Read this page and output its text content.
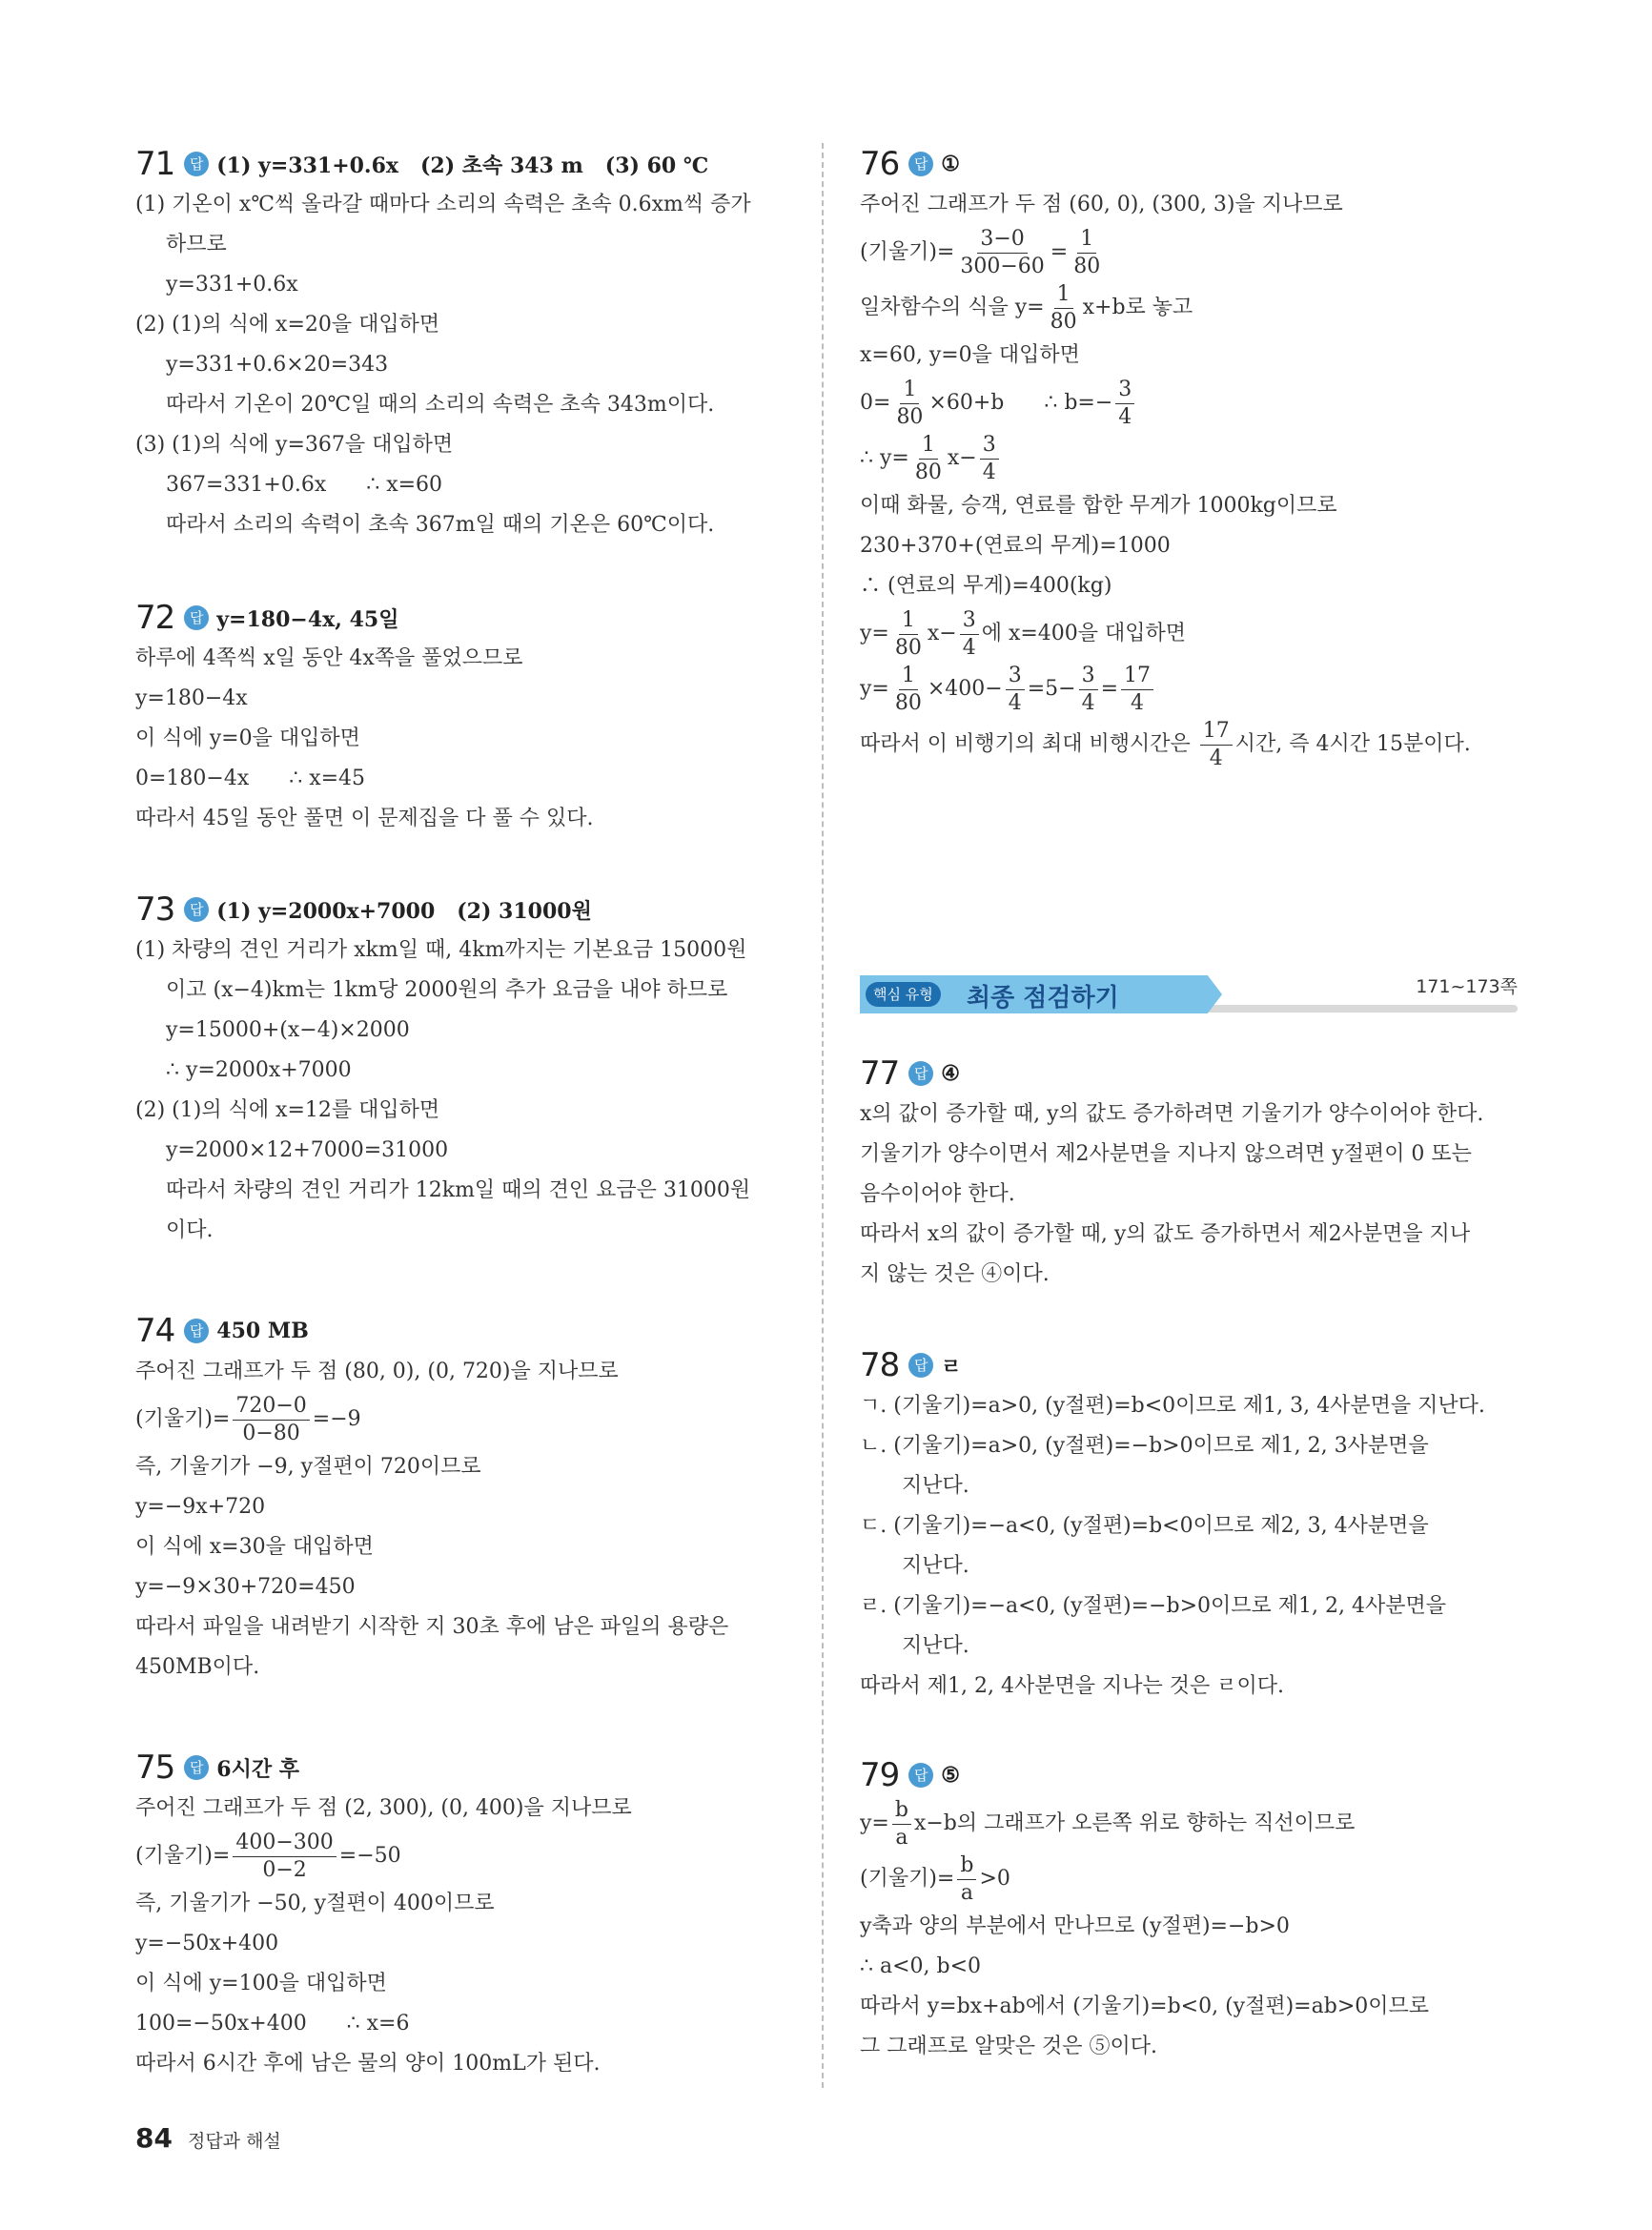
71	답 (1) y=331+0.6x   (2) 초속 343 m   (3) 60 ℃
(1) 기온이 x℃씩 올라갈 때마다 소리의 속력은 초속 0.6xm씩 증가
하므로
y=331+0.6x
(2) (1)의 식에 x=20을 대입하면
y=331+0.6×20=343
따라서 기온이 20℃일 때의 소리의 속력은 초속 343m이다.
(3) (1)의 식에 y=367을 대입하면
367=331+0.6x      ∴ x=60
따라서 소리의 속력이 초속 367m일 때의 기온은 60℃이다.
72	답 y=180−4x, 45일
하루에 4쪽씩 x일 동안 4x쪽을 풀었으므로
y=180−4x
이 식에 y=0을 대입하면
0=180−4x      ∴ x=45
따라서 45일 동안 풀면 이 문제집을 다 풀 수 있다.
73	답 (1) y=2000x+7000   (2) 31000원
(1) 차량의 견인 거리가 xkm일 때, 4km까지는 기본요금 15000원
이고 (x−4)km는 1km당 2000원의 추가 요금을 내야 하므로
y=15000+(x−4)×2000
∴ y=2000x+7000
(2) (1)의 식에 x=12를 대입하면
y=2000×12+7000=31000
따라서 차량의 견인 거리가 12km일 때의 견인 요금은 31000원
이다.
74	답 450 MB
주어진 그래프가 두 점 (80, 0), (0, 720)을 지나므로
(기울기)= $\frac{720-0}{0-80} =-9$
즉, 기울기가 −9, y절편이 720이므로
y=−9x+720
이 식에 x=30을 대입하면
y=−9×30+720=450
따라서 파일을 내려받기 시작한 지 30초 후에 남은 파일의 용량은
450MB이다.
75	답 6시간 후
주어진 그래프가 두 점 (2, 300), (0, 400)을 지나므로
(기울기)= $\frac{400-300}{0-2} =-50$
즉, 기울기가 −50, y절편이 400이므로
y=−50x+400
이 식에 y=100을 대입하면
100=−50x+400      ∴ x=6
따라서 6시간 후에 남은 물의 양이 100mL가 된다.
핵심 유형	최종 점검하기	171~173쪽
76	답 ①
주어진 그래프가 두 점 (60, 0), (300, 3)을 지나므로
(기울기)= $\frac{3-0}{300-60} = \frac{1}{80}$
일차함수의 식을 $y= \frac{1}{80} x+b$로 놓고
x=60, y=0을 대입하면
$0= \frac{1}{80} \times 60+b$      ∴ $b=- \frac{3}{4}$
∴ $y= \frac{1}{80} x- \frac{3}{4}$
이때 화물, 승객, 연료를 합한 무게가 1000kg이므로
230+370+(연료의 무게)=1000
∴ (연료의 무게)=400(kg)
$y= \frac{1}{80} x- \frac{3}{4}$ 에 x=400을 대입하면
$y= \frac{1}{80} \times 400- \frac{3}{4} =5- \frac{3}{4} = \frac{17}{4}$
따라서 이 비행기의 최대 비행시간은 $\frac{17}{4}$ 시간, 즉 4시간 15분이다.
77	답 ④
x의 값이 증가할 때, y의 값도 증가하려면 기울기가 양수이어야 한다.
기울기가 양수이면서 제2사분면을 지나지 않으려면 y절편이 0 또는
음수이어야 한다.
따라서 x의 값이 증가할 때, y의 값도 증가하면서 제2사분면을 지나
지 않는 것은 ④이다.
78	답 ㄹ
ㄱ. (기울기)=a>0, (y절편)=b<0이므로 제1, 3, 4사분면을 지난다.
ㄴ. (기울기)=a>0, (y절편)=−b>0이므로 제1, 2, 3사분면을
지난다.
ㄷ. (기울기)=−a<0, (y절편)=b<0이므로 제2, 3, 4사분면을
지난다.
ㄹ. (기울기)=−a<0, (y절편)=−b>0이므로 제1, 2, 4사분면을
지난다.
따라서 제1, 2, 4사분면을 지나는 것은 ㄹ이다.
79	답 ⑤
$y= \frac{b}{a} x-b$의 그래프가 오른쪽 위로 향하는 직선이므로
(기울기)= $\frac{b}{a} >0$
y축과 양의 부분에서 만나므로 (y절편)=−b>0
∴ a<0, b<0
따라서 y=bx+ab에서 (기울기)=b<0, (y절편)=ab>0이므로
그 그래프로 알맞은 것은 ⑤이다.
84 정답과 해설
